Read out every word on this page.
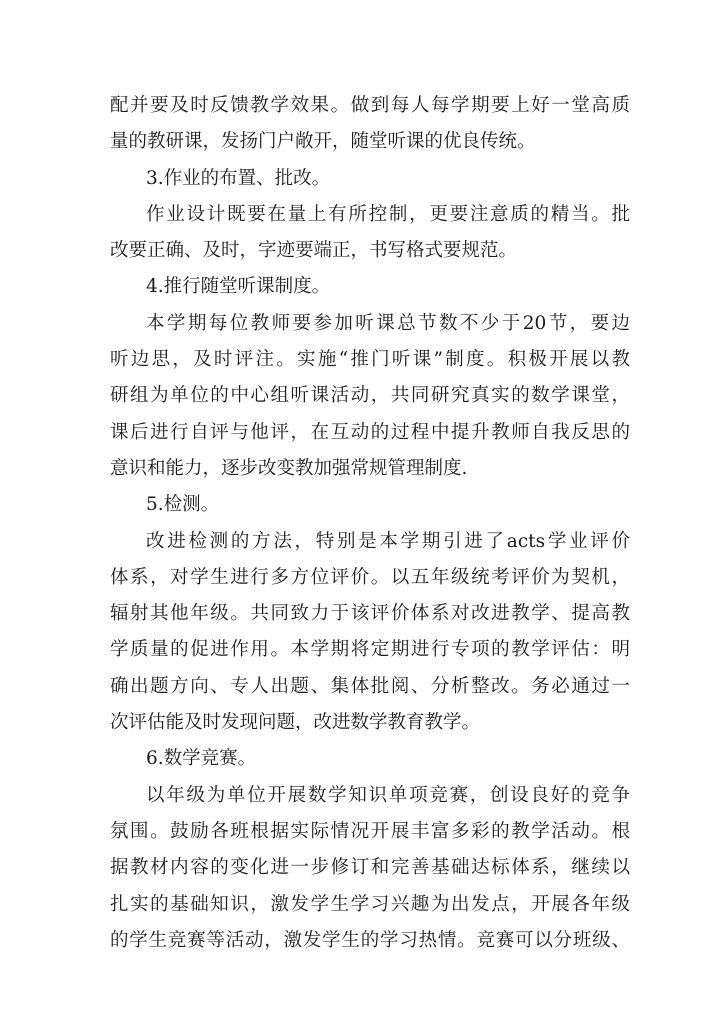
配并要及时反馈教学效果。做到每人每学期要上好一堂高质
量的教研课，发扬门户敞开，随堂听课的优良传统。
3.作业的布置、批改。
作业设计既要在量上有所控制，更要注意质的精当。批
改要正确、及时，字迹要端正，书写格式要规范。
4.推行随堂听课制度。
本学期每位教师要参加听课总节数不少于20节，要边
听边思，及时评注。实施“推门听课”制度。积极开展以教
研组为单位的中心组听课活动，共同研究真实的数学课堂，
课后进行自评与他评，在互动的过程中提升教师自我反思的
意识和能力，逐步改变教加强常规管理制度.
5.检测。
改进检测的方法，特别是本学期引进了acts学业评价
体系，对学生进行多方位评价。以五年级统考评价为契机，
辐射其他年级。共同致力于该评价体系对改进教学、提高教
学质量的促进作用。本学期将定期进行专项的教学评估：明
确出题方向、专人出题、集体批阅、分析整改。务必通过一
次评估能及时发现问题，改进数学教育教学。
6.数学竞赛。
以年级为单位开展数学知识单项竞赛，创设良好的竞争
氛围。鼓励各班根据实际情况开展丰富多彩的教学活动。根
据教材内容的变化进一步修订和完善基础达标体系，继续以
扎实的基础知识，激发学生学习兴趣为出发点，开展各年级
的学生竞赛等活动，激发学生的学习热情。竞赛可以分班级、
